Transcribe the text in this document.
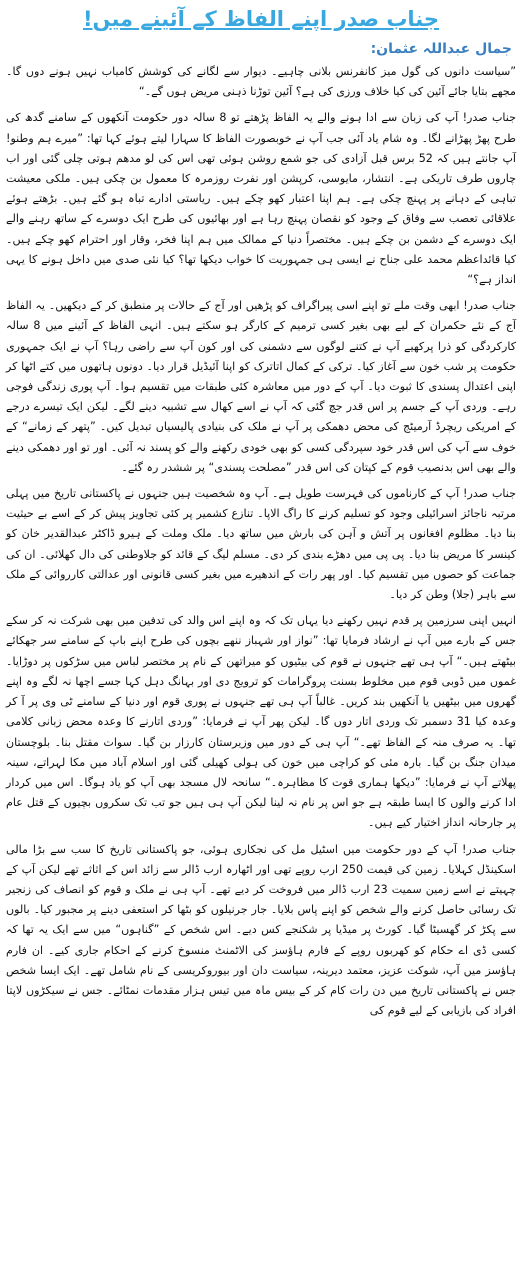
جناب صدر اپنے الفاظ کے آئینے میں!
جمال عبداللہ عثمان:

”سیاست دانوں کی گول میز کانفرنس بلانی چاہیے۔ دیوار سے لگانے کی کوشش کامیاب نہیں ہونے دوں گا۔ مجھے بتایا جائے آئین کی کیا خلاف ورزی کی ہے؟ آئین توڑنا ذہنی مریض ہوں گے۔“

جناب صدر! آپ کی زبان سے ادا ہونے والے یہ الفاظ پڑھتے تو 8 سالہ دور حکومت آنکھوں کے سامنے گدھ کی طرح پھڑ پھڑانے لگا۔ وہ شام یاد آئی جب آپ نے خوبصورت الفاظ کا سہارا لیتے ہوئے کہا تھا: ”میرے ہم وطنو! آپ جانتے ہیں کہ 52 برس قبل آزادی کی جو شمع روشن ہوئی تھی اس کی لو مدھم ہوتی چلی گئی اور اب چاروں طرف تاریکی ہے۔ انتشار، مایوسی، کرپشن اور نفرت روزمرہ کا معمول بن چکی ہیں۔ ملکی معیشت تباہی کے دہانے پر پہنچ چکی ہے۔ ہم اپنا اعتبار کھو چکے ہیں۔ ریاستی ادارے تباہ ہو گئے ہیں۔ بڑھتے ہوئے علاقائی تعصب سے وفاق کے وجود کو نقصان پہنچ رہا ہے اور بھائیوں کی طرح ایک دوسرے کے ساتھ رہنے والے ایک دوسرے کے دشمن بن چکے ہیں۔ مختصراً دنیا کے ممالک میں ہم اپنا فخر، وقار اور احترام کھو چکے ہیں۔ کیا قائداعظم محمد علی جناح نے ایسی ہی جمہوریت کا خواب دیکھا تھا؟ کیا نئی صدی میں داخل ہونے کا یہی انداز ہے؟“

جناب صدر! ابھی وقت ملے تو اپنے اسی پیراگراف کو پڑھیں اور آج کے حالات پر منطبق کر کے دیکھیں۔ یہ الفاظ آج کے نئے حکمران کے لیے بھی بغیر کسی ترمیم کے کارگر ہو سکتے ہیں۔ انہی الفاظ کے آئینے میں 8 سالہ کارکردگی کو ذرا پرکھیے آپ نے کتنے لوگوں سے دشمنی کی اور کون آپ سے راضی رہا؟ آپ نے ایک جمہوری حکومت پر شب خون سے آغاز کیا۔ ترکی کے کمال اتاترک کو اپنا آئیڈیل قرار دیا۔ دونوں ہاتھوں میں کتے اٹھا کر اپنی اعتدال پسندی کا ثبوت دیا۔ آپ کے دور میں معاشرہ کئی طبقات میں تقسیم ہوا۔ آپ پوری زندگی فوجی رہے۔ وردی آپ کے جسم پر اس قدر جچ گئی کہ آپ نے اسے کھال سے تشبیہ دینے لگے۔ لیکن ایک تیسرے درجے کے امریکی ریچرڈ آرمیٹج کی محض دھمکی پر آپ نے ملک کی بنیادی پالیسیاں تبدیل کیں۔ ”پتھر کے زمانے“ کے خوف سے آپ کی اس قدر خود سپردگی کسی کو بھی خودی رکھنے والے کو پسند نہ آئی۔ اور تو اور دھمکی دینے والے بھی اس بدنصیب قوم کے کپتان کی اس قدر ”مصلحت پسندی“ پر ششدر رہ گئے۔

جناب صدر! آپ کے کارناموں کی فہرست طویل ہے۔ آپ وہ شخصیت ہیں جنہوں نے پاکستانی تاریخ میں پہلی مرتبہ ناجائز اسرائیلی وجود کو تسلیم کرنے کا راگ الاپا۔ تنازع کشمیر پر کئی تجاویز پیش کر کے اسے بے حیثیت بنا دیا۔ مظلوم افغانوں پر آتش و آہن کی بارش میں ساتھ دیا۔ ملک وملت کے ہیرو ڈاکٹر عبدالقدیر خان کو کینسر کا مریض بنا دیا۔ پی پی میں دھڑے بندی کر دی۔ مسلم لیگ کے قائد کو جلاوطنی کی دال کھلائی۔ ان کی جماعت کو حصوں میں تقسیم کیا۔ اور پھر رات کے اندھیرے میں بغیر کسی قانونی اور عدالتی کارروائی کے ملک سے باہر (جلا) وطن کر دیا۔

انہیں اپنی سرزمین پر قدم نہیں رکھنے دیا یہاں تک کہ وہ اپنے اس والد کی تدفین میں بھی شرکت نہ کر سکے جس کے بارے میں آپ نے ارشاد فرمایا تھا: ”نواز اور شہباز ننھے بچوں کی طرح اپنے باپ کے سامنے سر جھکائے بیٹھتے ہیں۔“ آپ ہی تھے جنہوں نے قوم کی بیٹیوں کو میراتھن کے نام پر مختصر لباس میں سڑکوں پر دوڑایا۔ غموں میں ڈوبی قوم میں مخلوط بسنت پروگرامات کو ترویج دی اور بہانگ دہل کہا جسے اچھا نہ لگے وہ اپنے گھروں میں بیٹھیں یا آنکھیں بند کریں۔ غالباً آپ ہی تھے جنہوں نے پوری قوم اور دنیا کے سامنے ٹی وی پر آ کر وعدہ کیا 31 دسمبر تک وردی اتار دوں گا۔ لیکن پھر آپ نے فرمایا: ”وردی اتارنے کا وعدہ محض زبانی کلامی تھا۔ یہ صرف منہ کے الفاظ تھے۔“ آپ ہی کے دور میں وزیرستان کارزار بن گیا۔ سوات مقتل بنا۔ بلوچستان میدان جنگ بن گیا۔ بارہ مئی کو کراچی میں خون کی ہولی کھیلی گئی اور اسلام آباد میں مکا لہراتے، سینہ پھلاتے آپ نے فرمایا: ”دیکھا ہماری قوت کا مظاہرہ۔“ سانحہ لال مسجد بھی آپ کو یاد ہوگا۔ اس میں کردار ادا کرنے والوں کا ایسا طبقہ ہے جو اس پر نام نہ لینا لیکن آپ ہی ہیں جو تب تک سکروں بچیوں کے قتل عام پر جارحانہ انداز اختیار کیے ہیں۔

جناب صدر! آپ کے دور حکومت میں اسٹیل مل کی نجکاری ہوئی، جو پاکستانی تاریخ کا سب سے بڑا مالی اسکینڈل کہلایا۔ زمین کی قیمت 250 ارب روپے تھی اور اٹھارہ ارب ڈالر سے زائد اس کے اثاثے تھے لیکن آپ کے چہیتے نے اسے زمین سمیت 23 ارب ڈالر میں فروخت کر دیے تھے۔ آپ ہی نے ملک و قوم کو انصاف کی زنجیر تک رسائی حاصل کرنے والے شخص کو اپنے پاس بلایا۔ جار جرنیلوں کو بٹھا کر استعفی دینے پر مجبور کیا۔ بالوں سے پکڑ کر گھسیٹا گیا۔ کورٹ پر میڈیا پر شکنجے کس دیے۔ اس شخص کے ”گناہوں“ میں سے ایک یہ تھا کہ کسی ڈی اے حکام کو کھربوں روپے کے فارم ہاؤسز کی الاٹمنٹ منسوخ کرنے کے احکام جاری کیے۔ ان فارم ہاؤسز میں آپ، شوکت عزیز، معتمد دیرینہ، سیاست دان اور بیوروکریسی کے نام شامل تھے۔ ایک ایسا شخص جس نے پاکستانی تاریخ میں دن رات کام کر کے بیس ماہ میں تیس ہزار مقدمات نمٹائے۔ جس نے سیکڑوں لاپتا افراد کی بازیابی کے لیے قوم کی
